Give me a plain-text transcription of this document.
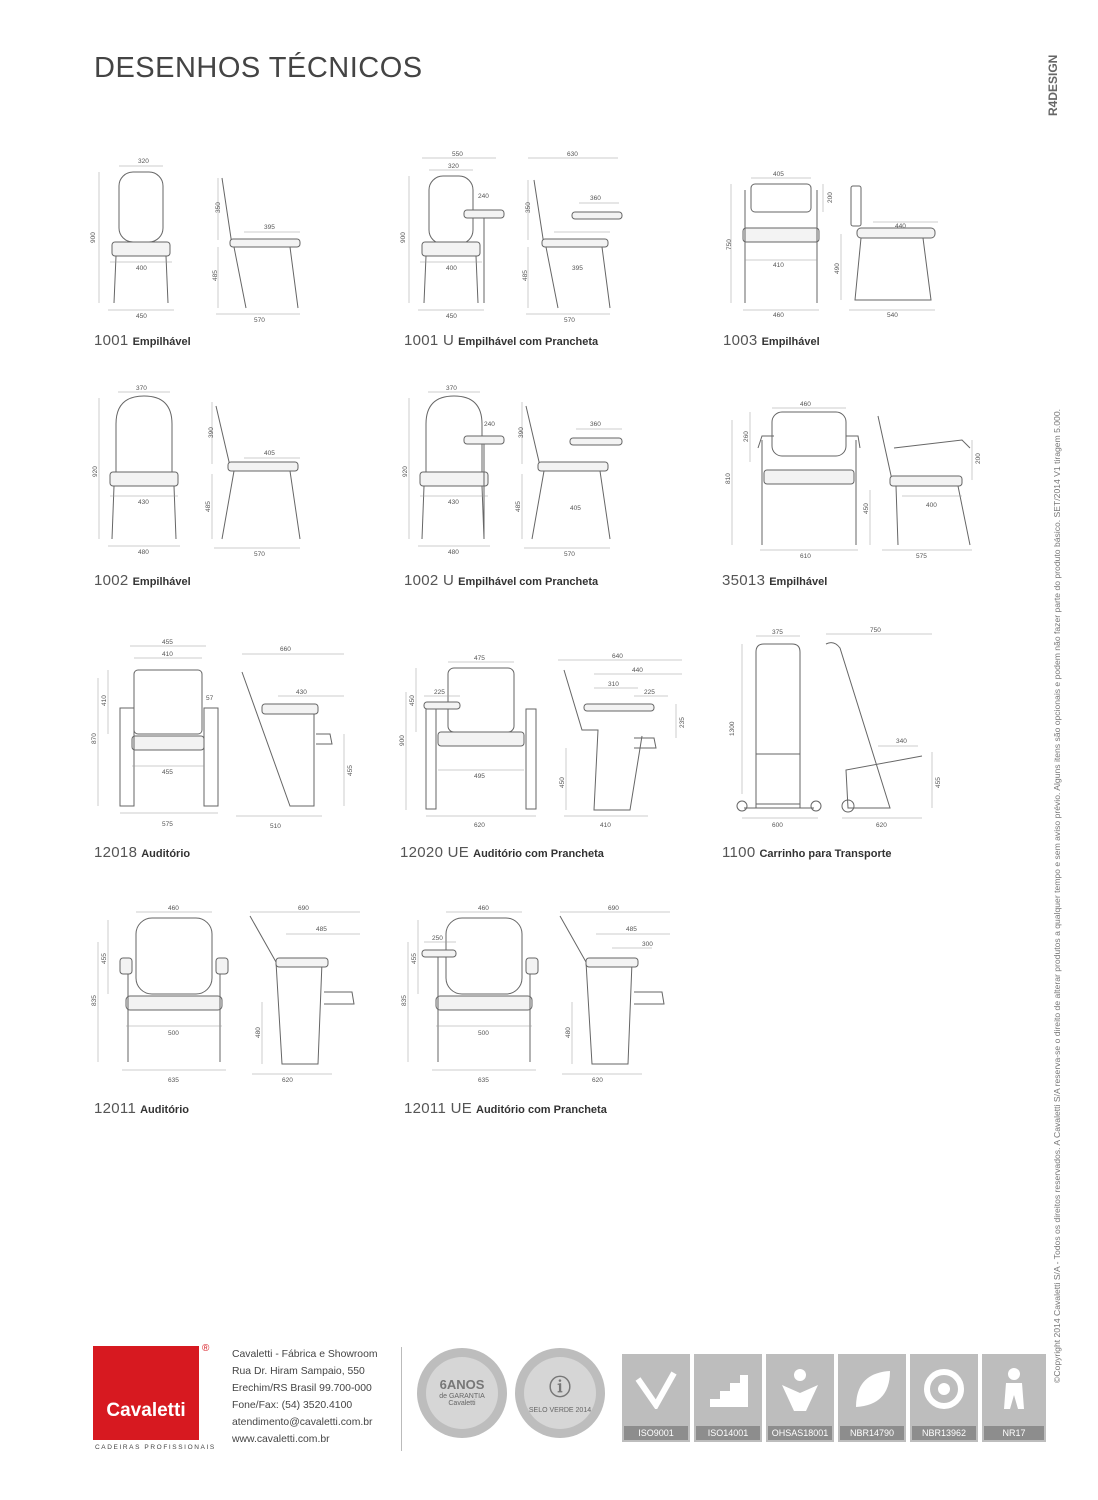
DESENHOS TÉCNICOS	R4DESIGN
©Copyright 2014 Cavaletti S/A - Todos os direitos reservados. A Cavaletti S/A reserva-se o direito de alterar produtos a qualquer tempo e sem aviso prévio. Alguns itens são opcionais e podem não fazer parte do produto básico. SET/2014 V1 tiragem 5.000.
320
900
400
450
350
395
485
570
1001 Empilhável
550
320
630
240	360
900
350
400
485
395
450
570
1001 U Empilhável com Prancheta
405
200
750
440
410	490
460	540
1003 Empilhável
370
390
920
405
430	485
480	570
1002 Empilhável
370
240	360
390
920
430
405
485
480	570
1002 U Empilhável com Prancheta
460
260
200
810
400
450
610	575
35013 Empilhável
455
660
410
430
410	57
870
455	455
575	510
12018 Auditório
475	640
440
450
225
310
225
235
900
495
450
620	410
12020 UE Auditório com Prancheta
375	750
1300
340
455
600	620
1100 Carrinho para Transporte
460	690
485
455
835
500	480
635	620
12011 Auditório
460	690
485
250
300
455
835
500	480
635	620
12011 UE Auditório com Prancheta
Cavaletti
®
CADEIRAS PROFISSIONAIS
Cavaletti - Fábrica e Showroom
Rua Dr. Hiram Sampaio, 550
Erechim/RS Brasil 99.700-000
Fone/Fax: (54) 3520.4100
atendimento@cavaletti.com.br
www.cavaletti.com.br
6ANOS
de GARANTIA Cavaletti
ⓘ
SELO VERDE 2014
ISO9001	ISO14001	OHSAS18001	NBR14790	NBR13962	NR17
